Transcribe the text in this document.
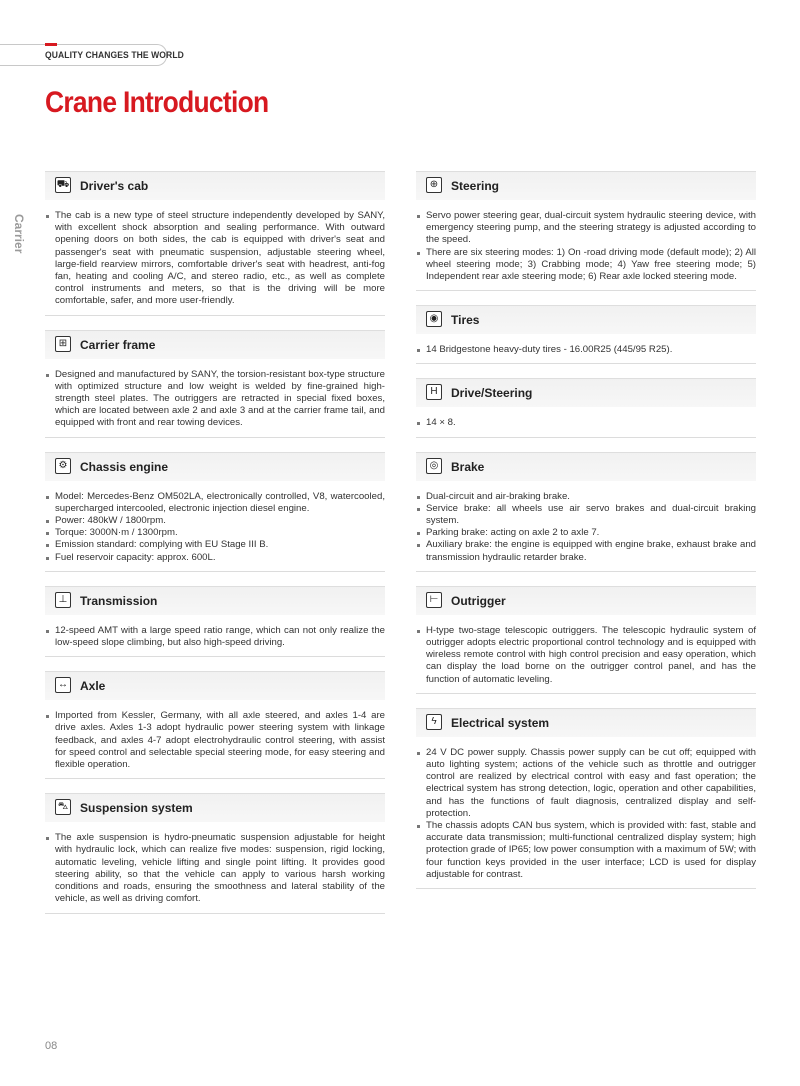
QUALITY CHANGES THE WORLD
Crane Introduction
Carrier
⛟ Driver's cab
The cab is a new type of steel structure independently developed by SANY, with excellent shock absorption and sealing performance. With outward opening doors on both sides, the cab is equipped with driver's seat and passenger's seat with pneumatic suspension, adjustable steering wheel, large-field rearview mirrors, comfortable driver's seat with headrest, anti-fog fan, heating and cooling A/C, and stereo radio, etc., as well as complete control instruments and meters, so that is the driving will be more comfortable, safer, and more user-friendly.
⊞	Carrier frame
Designed and manufactured by SANY, the torsion-resistant box-type structure with optimized structure and low weight is welded by fine-grained high-strength steel plates. The outriggers are retracted in special fixed boxes, which are located between axle 2 and axle 3 and at the carrier frame tail, and equipped with front and rear towing devices.
⚙ Chassis engine
Model: Mercedes-Benz OM502LA, electronically controlled, V8, watercooled, supercharged intercooled, electronic injection diesel engine.
Power: 480kW / 1800rpm.
Torque: 3000N·m / 1300rpm.
Emission standard: complying with EU Stage III B.
Fuel reservoir capacity: approx. 600L.
⊥	Transmission
12-speed AMT with a large speed ratio range, which can not only realize the low-speed slope climbing, but also high-speed driving.
↔ Axle
Imported from Kessler, Germany, with all axle steered, and axles 1-4 are drive axles. Axles 1-3 adopt hydraulic power steering system with linkage feedback, and axles 4-7 adopt electrohydraulic control steering, with assist for speed control and selectable special steering mode, for easy steering and flexible operation.
⛍ Suspension system
The axle suspension is hydro-pneumatic suspension adjustable for height with hydraulic lock, which can realize five modes: suspension, rigid locking, automatic leveling, vehicle lifting and single point lifting. It provides good steering ability, so that the vehicle can apply to various harsh working conditions and roads, ensuring the smoothness and lateral stability of the vehicle, as well as driving comfort.
⊕	Steering
Servo power steering gear, dual-circuit system hydraulic steering device, with emergency steering pump, and the steering strategy is adjusted according to the speed.
There are six steering modes: 1) On -road driving mode (default mode); 2) All wheel steering mode; 3) Crabbing mode; 4) Yaw free steering mode; 5) Independent rear axle steering mode; 6) Rear axle locked steering mode.
◉	Tires
14 Bridgestone heavy-duty tires - 16.00R25 (445/95 R25).
H	Drive/Steering
14 × 8.
◎	Brake
Dual-circuit and air-braking brake.
Service brake: all wheels use air servo brakes and dual-circuit braking system.
Parking brake: acting on axle 2 to axle 7.
Auxiliary brake: the engine is equipped with engine brake, exhaust brake and transmission hydraulic retarder brake.
⊢	Outrigger
H-type two-stage telescopic outriggers. The telescopic hydraulic system of outrigger adopts electric proportional control technology and is equipped with wireless remote control with high control precision and easy operation, which can display the load borne on the outrigger control panel, and has the function of automatic leveling.
ϟ	Electrical system
24 V DC power supply. Chassis power supply can be cut off; equipped with auto lighting system; actions of the vehicle such as throttle and outrigger control are realized by electrical control with easy and fast operation; the electrical system has strong detection, logic, operation and other capabilities, and has the functions of fault diagnosis, centralized display and self-protection.
The chassis adopts CAN bus system, which is provided with: fast, stable and accurate data transmission; multi-functional centralized display system; high protection grade of IP65; low power consumption with a maximum of 5W; with four function keys provided in the user interface; LCD is used for display adjustable for contrast.
08
